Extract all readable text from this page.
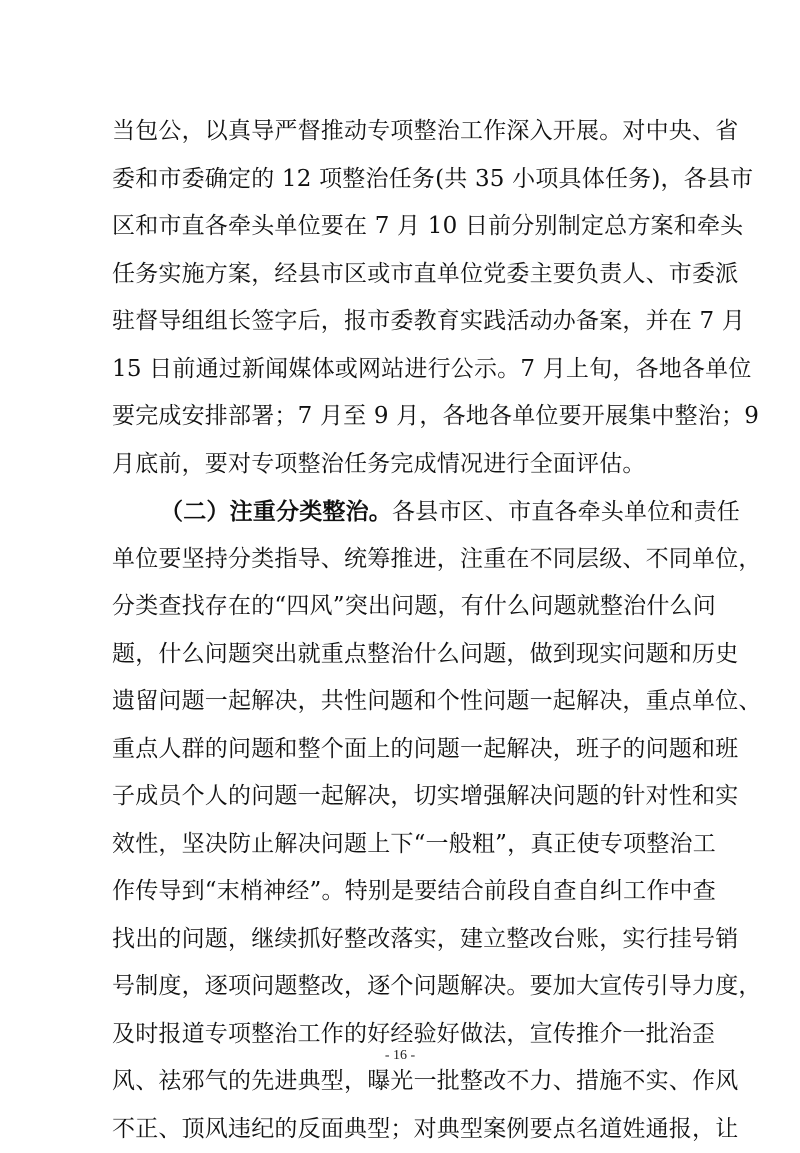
当包公，以真导严督推动专项整治工作深入开展。对中央、省
委和市委确定的 12 项整治任务(共 35 小项具体任务)，各县市
区和市直各牵头单位要在 7 月 10 日前分别制定总方案和牵头
任务实施方案，经县市区或市直单位党委主要负责人、市委派
驻督导组组长签字后，报市委教育实践活动办备案，并在 7 月
15 日前通过新闻媒体或网站进行公示。7 月上旬，各地各单位
要完成安排部署；7 月至 9 月，各地各单位要开展集中整治；9
月底前，要对专项整治任务完成情况进行全面评估。
（二）注重分类整治。各县市区、市直各牵头单位和责任
单位要坚持分类指导、统筹推进，注重在不同层级、不同单位，
分类查找存在的“四风”突出问题，有什么问题就整治什么问
题，什么问题突出就重点整治什么问题，做到现实问题和历史
遗留问题一起解决，共性问题和个性问题一起解决，重点单位、
重点人群的问题和整个面上的问题一起解决，班子的问题和班
子成员个人的问题一起解决，切实增强解决问题的针对性和实
效性，坚决防止解决问题上下“一般粗”，真正使专项整治工
作传导到“末梢神经”。特别是要结合前段自查自纠工作中查
找出的问题，继续抓好整改落实，建立整改台账，实行挂号销
号制度，逐项问题整改，逐个问题解决。要加大宣传引导力度，
及时报道专项整治工作的好经验好做法，宣传推介一批治歪
风、祛邪气的先进典型，曝光一批整改不力、措施不实、作风
不正、顶风违纪的反面典型；对典型案例要点名道姓通报，让
- 16 -
